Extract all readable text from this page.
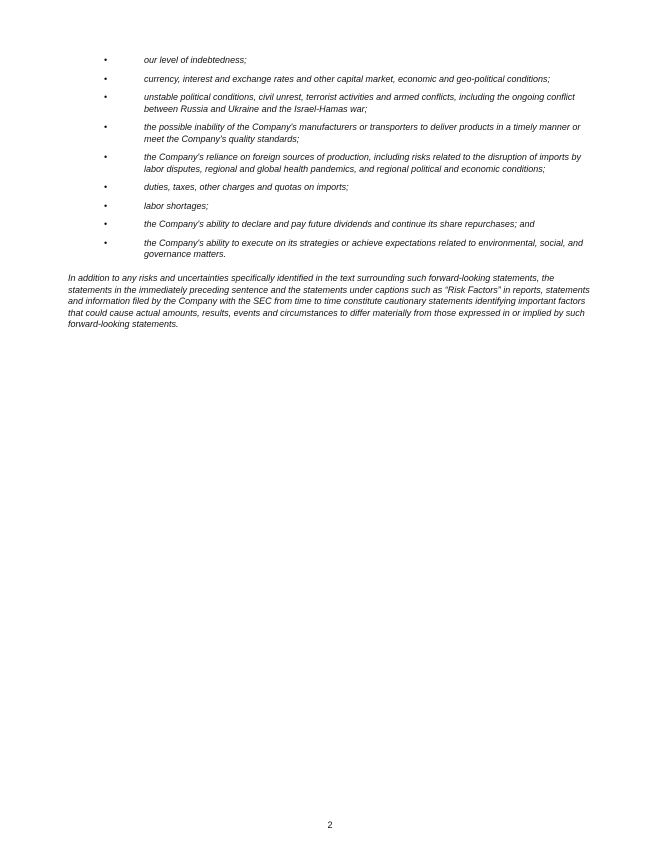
•	our level of indebtedness;
•	currency, interest and exchange rates and other capital market, economic and geo-political conditions;
•	unstable political conditions, civil unrest, terrorist activities and armed conflicts, including the ongoing conflict between Russia and Ukraine and the Israel-Hamas war;
•	the possible inability of the Company's manufacturers or transporters to deliver products in a timely manner or meet the Company's quality standards;
•	the Company's reliance on foreign sources of production, including risks related to the disruption of imports by labor disputes, regional and global health pandemics, and regional political and economic conditions;
•	duties, taxes, other charges and quotas on imports;
•	labor shortages;
•	the Company's ability to declare and pay future dividends and continue its share repurchases; and
•	the Company's ability to execute on its strategies or achieve expectations related to environmental, social, and governance matters.

In addition to any risks and uncertainties specifically identified in the text surrounding such forward-looking statements, the statements in the immediately preceding sentence and the statements under captions such as “Risk Factors” in reports, statements and information filed by the Company with the SEC from time to time constitute cautionary statements identifying important factors that could cause actual amounts, results, events and circumstances to differ materially from those expressed in or implied by such forward-looking statements.

2
